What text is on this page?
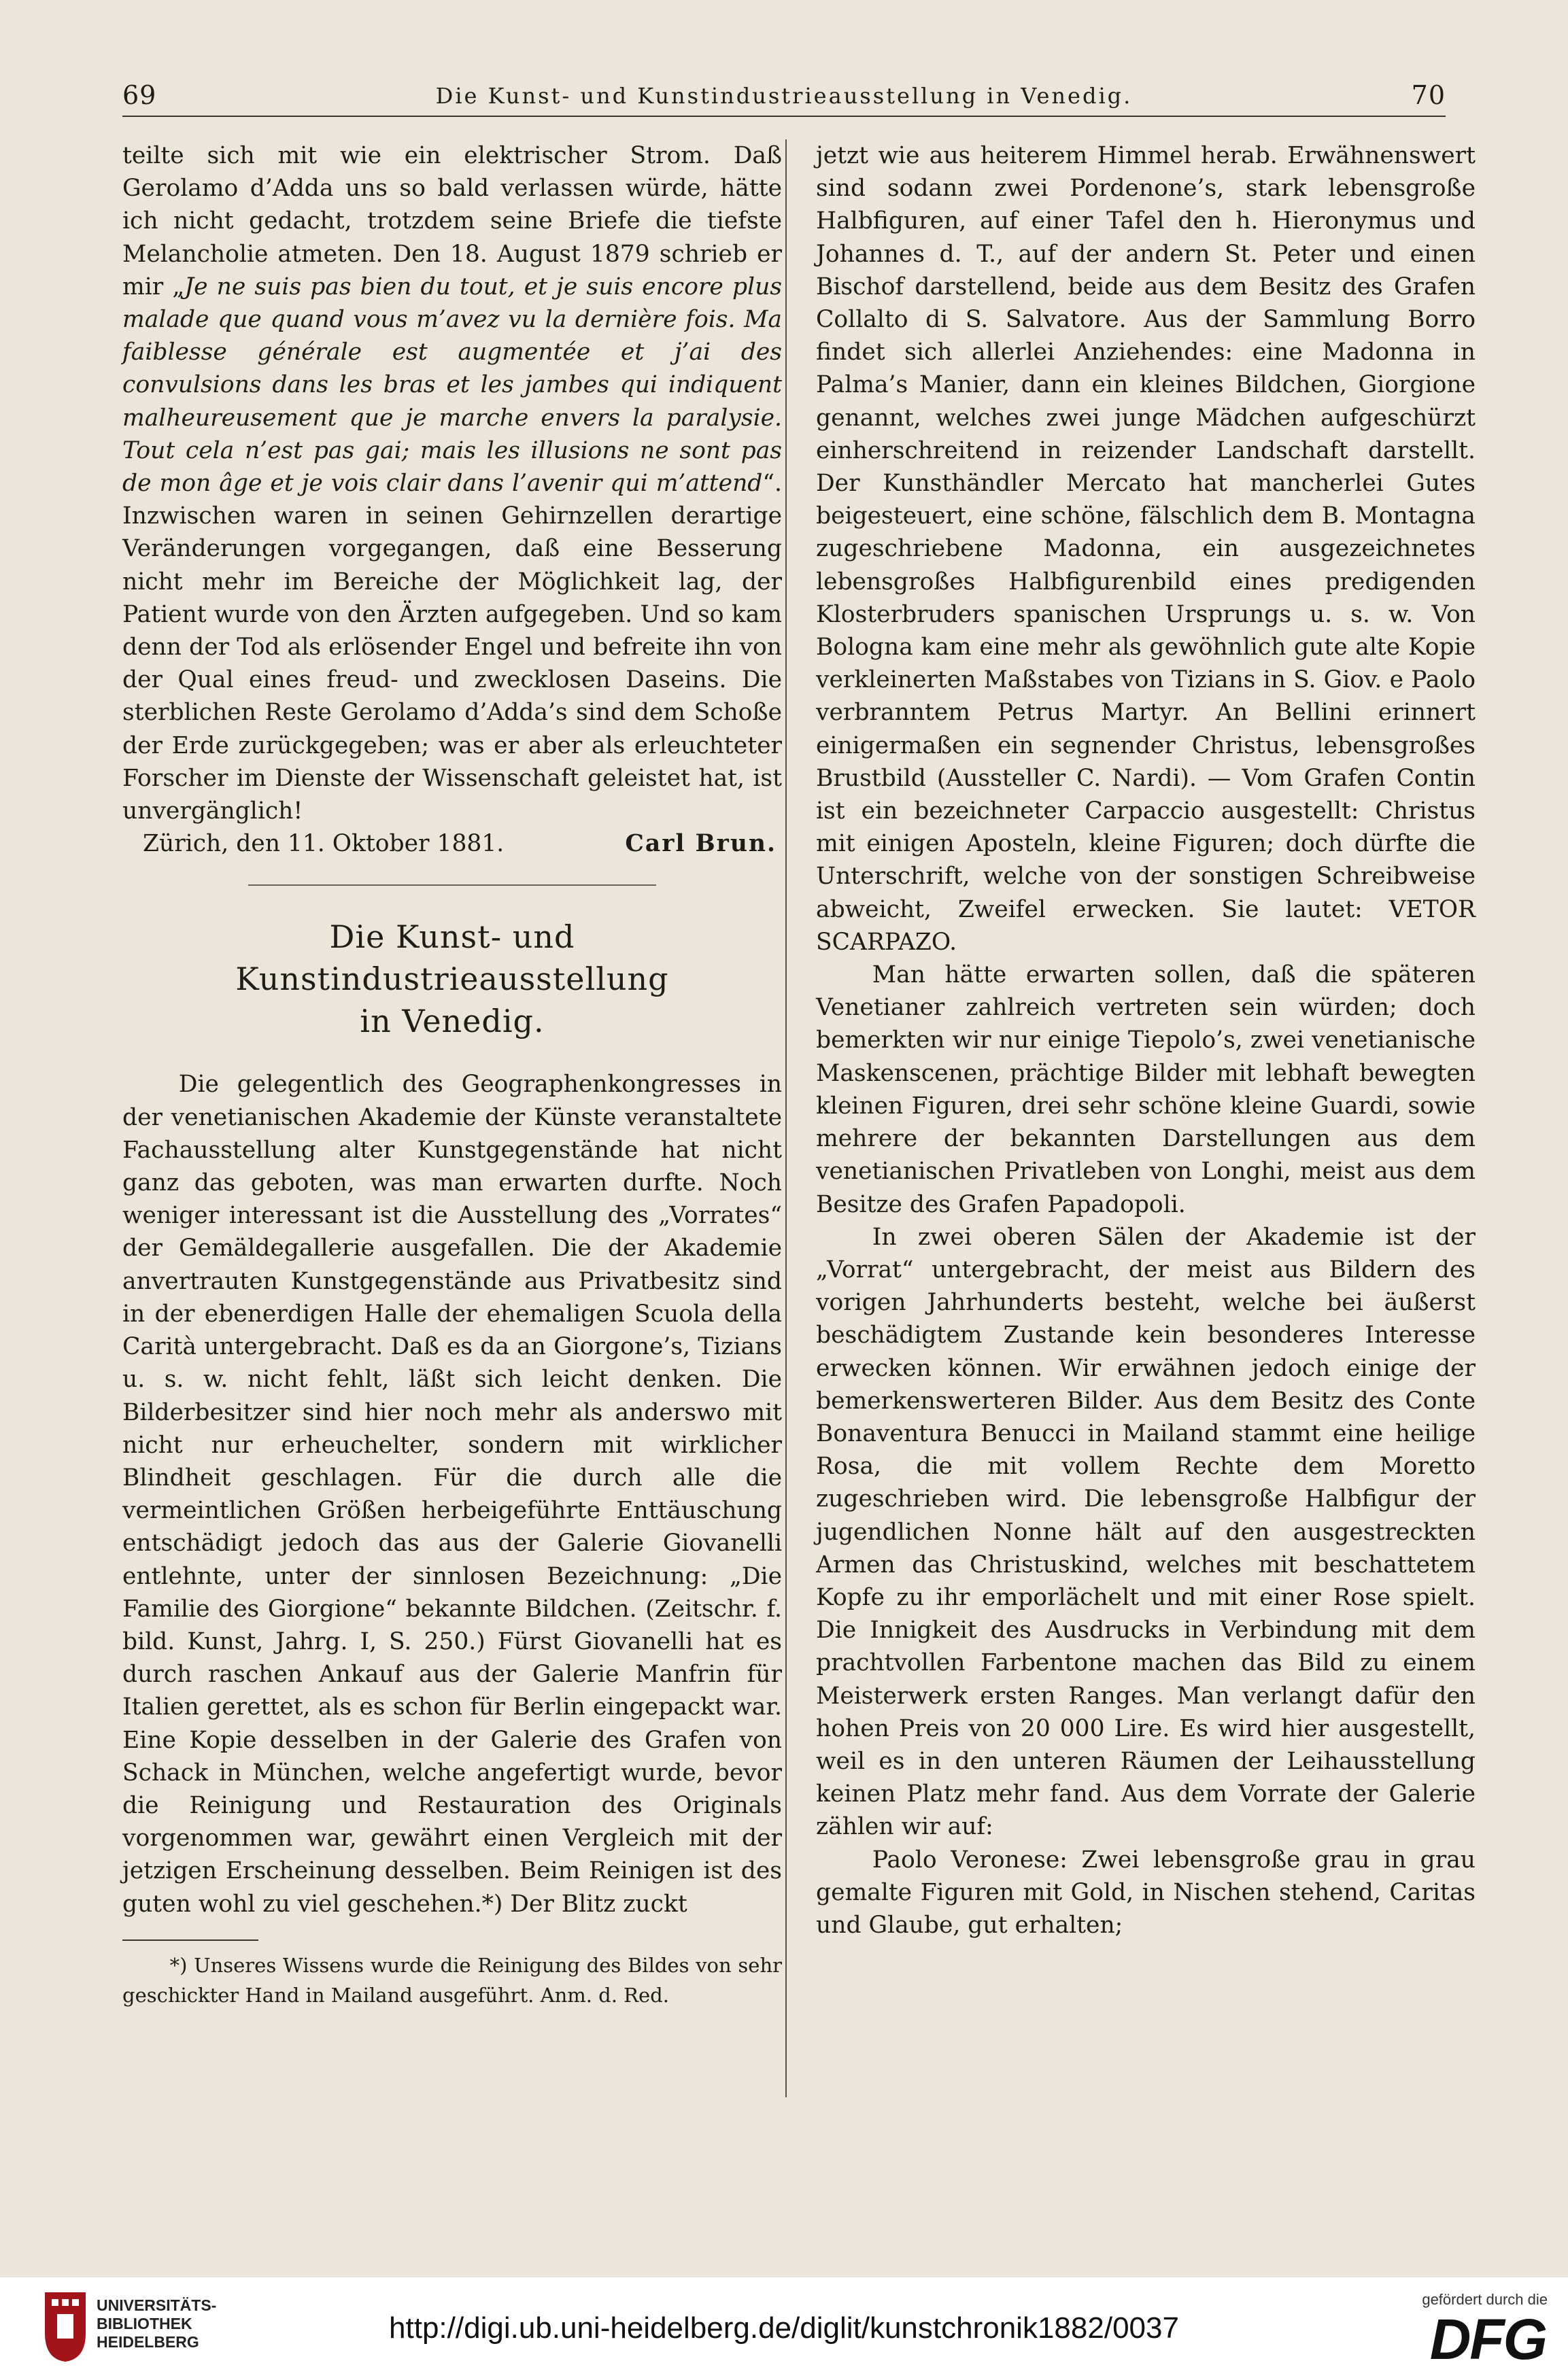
69	Die Kunst- und Kunstindustrieausstellung in Venedig.	70

teilte sich mit wie ein elektrischer Strom. Daß Gerolamo d’Adda uns so bald verlassen würde, hätte ich nicht gedacht, trotzdem seine Briefe die tiefste Melancholie atmeten. Den 18. August 1879 schrieb er mir „Je ne suis pas bien du tout, et je suis encore plus malade que quand vous m’avez vu la dernière fois. Ma faiblesse générale est augmentée et j’ai des convulsions dans les bras et les jambes qui indiquent malheureusement que je marche envers la paralysie. Tout cela n’est pas gai; mais les illusions ne sont pas de mon âge et je vois clair dans l’avenir qui m’attend“. Inzwischen waren in seinen Gehirnzellen derartige Veränderungen vorgegangen, daß eine Besserung nicht mehr im Bereiche der Möglichkeit lag, der Patient wurde von den Ärzten aufgegeben. Und so kam denn der Tod als erlösender Engel und befreite ihn von der Qual eines freud- und zwecklosen Daseins. Die sterblichen Reste Gerolamo d’Adda’s sind dem Schoße der Erde zurückgegeben; was er aber als erleuchteter Forscher im Dienste der Wissenschaft geleistet hat, ist unvergänglich!

Zürich, den 11. Oktober 1881.	Carl Brun.
Die Kunst- und Kunstindustrieausstellung
in Venedig.

Die gelegentlich des Geographenkongresses in der venetianischen Akademie der Künste veranstaltete Fachausstellung alter Kunstgegenstände hat nicht ganz das geboten, was man erwarten durfte. Noch weniger interessant ist die Ausstellung des „Vorrates“ der Gemäldegallerie ausgefallen. Die der Akademie anvertrauten Kunstgegenstände aus Privatbesitz sind in der ebenerdigen Halle der ehemaligen Scuola della Carità untergebracht. Daß es da an Giorgone’s, Tizians u. s. w. nicht fehlt, läßt sich leicht denken. Die Bilderbesitzer sind hier noch mehr als anderswo mit nicht nur erheuchelter, sondern mit wirklicher Blindheit geschlagen. Für die durch alle die vermeintlichen Größen herbeigeführte Enttäuschung entschädigt jedoch das aus der Galerie Giovanelli entlehnte, unter der sinnlosen Bezeichnung: „Die Familie des Giorgione“ bekannte Bildchen. (Zeitschr. f. bild. Kunst, Jahrg. I, S. 250.) Fürst Giovanelli hat es durch raschen Ankauf aus der Galerie Manfrin für Italien gerettet, als es schon für Berlin eingepackt war. Eine Kopie desselben in der Galerie des Grafen von Schack in München, welche angefertigt wurde, bevor die Reinigung und Restauration des Originals vorgenommen war, gewährt einen Vergleich mit der jetzigen Erscheinung desselben. Beim Reinigen ist des guten wohl zu viel geschehen.*) Der Blitz zuckt

*) Unseres Wissens wurde die Reinigung des Bildes von sehr geschickter Hand in Mailand ausgeführt. Anm. d. Red.

jetzt wie aus heiterem Himmel herab. Erwähnenswert sind sodann zwei Pordenone’s, stark lebensgroße Halbfiguren, auf einer Tafel den h. Hieronymus und Johannes d. T., auf der andern St. Peter und einen Bischof darstellend, beide aus dem Besitz des Grafen Collalto di S. Salvatore. Aus der Sammlung Borro findet sich allerlei Anziehendes: eine Madonna in Palma’s Manier, dann ein kleines Bildchen, Giorgione genannt, welches zwei junge Mädchen aufgeschürzt einherschreitend in reizender Landschaft darstellt. Der Kunsthändler Mercato hat mancherlei Gutes beigesteuert, eine schöne, fälschlich dem B. Montagna zugeschriebene Madonna, ein ausgezeichnetes lebensgroßes Halbfigurenbild eines predigenden Klosterbruders spanischen Ursprungs u. s. w. Von Bologna kam eine mehr als gewöhnlich gute alte Kopie verkleinerten Maßstabes von Tizians in S. Giov. e Paolo verbranntem Petrus Martyr. An Bellini erinnert einigermaßen ein segnender Christus, lebensgroßes Brustbild (Aussteller C. Nardi). — Vom Grafen Contin ist ein bezeichneter Carpaccio ausgestellt: Christus mit einigen Aposteln, kleine Figuren; doch dürfte die Unterschrift, welche von der sonstigen Schreibweise abweicht, Zweifel erwecken. Sie lautet: VETOR SCARPAZO.

Man hätte erwarten sollen, daß die späteren Venetianer zahlreich vertreten sein würden; doch bemerkten wir nur einige Tiepolo’s, zwei venetianische Maskenscenen, prächtige Bilder mit lebhaft bewegten kleinen Figuren, drei sehr schöne kleine Guardi, sowie mehrere der bekannten Darstellungen aus dem venetianischen Privatleben von Longhi, meist aus dem Besitze des Grafen Papadopoli.

In zwei oberen Sälen der Akademie ist der „Vorrat“ untergebracht, der meist aus Bildern des vorigen Jahrhunderts besteht, welche bei äußerst beschädigtem Zustande kein besonderes Interesse erwecken können. Wir erwähnen jedoch einige der bemerkenswerteren Bilder. Aus dem Besitz des Conte Bonaventura Benucci in Mailand stammt eine heilige Rosa, die mit vollem Rechte dem Moretto zugeschrieben wird. Die lebensgroße Halbfigur der jugendlichen Nonne hält auf den ausgestreckten Armen das Christuskind, welches mit beschattetem Kopfe zu ihr emporlächelt und mit einer Rose spielt. Die Innigkeit des Ausdrucks in Verbindung mit dem prachtvollen Farbentone machen das Bild zu einem Meisterwerk ersten Ranges. Man verlangt dafür den hohen Preis von 20 000 Lire. Es wird hier ausgestellt, weil es in den unteren Räumen der Leihausstellung keinen Platz mehr fand. Aus dem Vorrate der Galerie zählen wir auf:

Paolo Veronese: Zwei lebensgroße grau in grau gemalte Figuren mit Gold, in Nischen stehend, Caritas und Glaube, gut erhalten;

UNIVERSITÄTS-
BIBLIOTHEK
HEIDELBERG	http://digi.ub.uni-heidelberg.de/diglit/kunstchronik1882/0037
gefördert durch die
DFG
